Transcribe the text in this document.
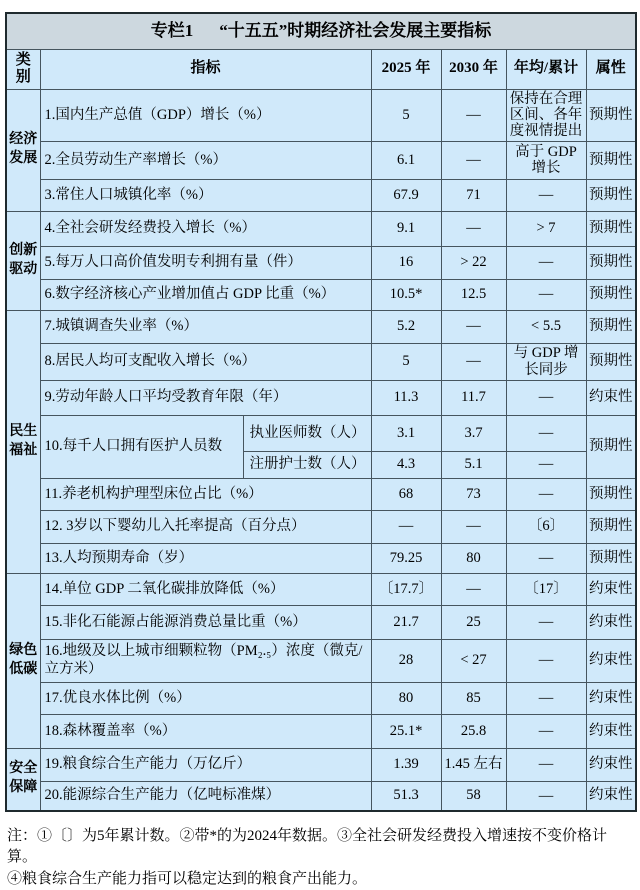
专栏1 “十五五”时期经济社会发展主要指标						
类别	指标		2025 年	2030 年	年均/累计	属性
经济发展	1.国内生产总值（GDP）增长（%）		5	—	保持在合理区间、各年度视情提出	预期性
	2.全员劳动生产率增长（%）		6.1	—	高于 GDP 增长	预期性
	3.常住人口城镇化率（%）		67.9	71	—	预期性
创新驱动	4.全社会研发经费投入增长（%）		9.1	—	> 7	预期性
	5.每万人口高价值发明专利拥有量（件）		16	> 22	—	预期性
	6.数字经济核心产业增加值占 GDP 比重（%）		10.5*	12.5	—	预期性
民生福祉	7.城镇调查失业率（%）		5.2	—	< 5.5	预期性
	8.居民人均可支配收入增长（%）		5	—	与 GDP 增长同步	预期性
	9.劳动年龄人口平均受教育年限（年）		11.3	11.7	—	约束性
	10.每千人口拥有医护人员数	执业医师数（人）	3.1	3.7	—	预期性
		注册护士数（人）	4.3	5.1	—	
	11.养老机构护理型床位占比（%）		68	73	—	预期性
	12. 3岁以下婴幼儿入托率提高（百分点）		—	—	〔6〕	预期性
	13.人均预期寿命（岁）		79.25	80	—	预期性
绿色低碳	14.单位 GDP 二氧化碳排放降低（%）		〔17.7〕	—	〔17〕	约束性
	15.非化石能源占能源消费总量比重（%）		21.7	25	—	约束性
	16.地级及以上城市细颗粒物（PM₂.₅）浓度（微克/立方米）		28	< 27	—	约束性
	17.优良水体比例（%）		80	85	—	约束性
	18.森林覆盖率（%）		25.1*	25.8	—	约束性
安全保障	19.粮食综合生产能力（万亿斤）		1.39	1.45 左右	—	约束性
	20.能源综合生产能力（亿吨标准煤）		51.3	58	—	约束性

注：①〔〕为5年累计数。②带*的为2024年数据。③全社会研发经费投入增速按不变价格计算。

④粮食综合生产能力指可以稳定达到的粮食产出能力。
